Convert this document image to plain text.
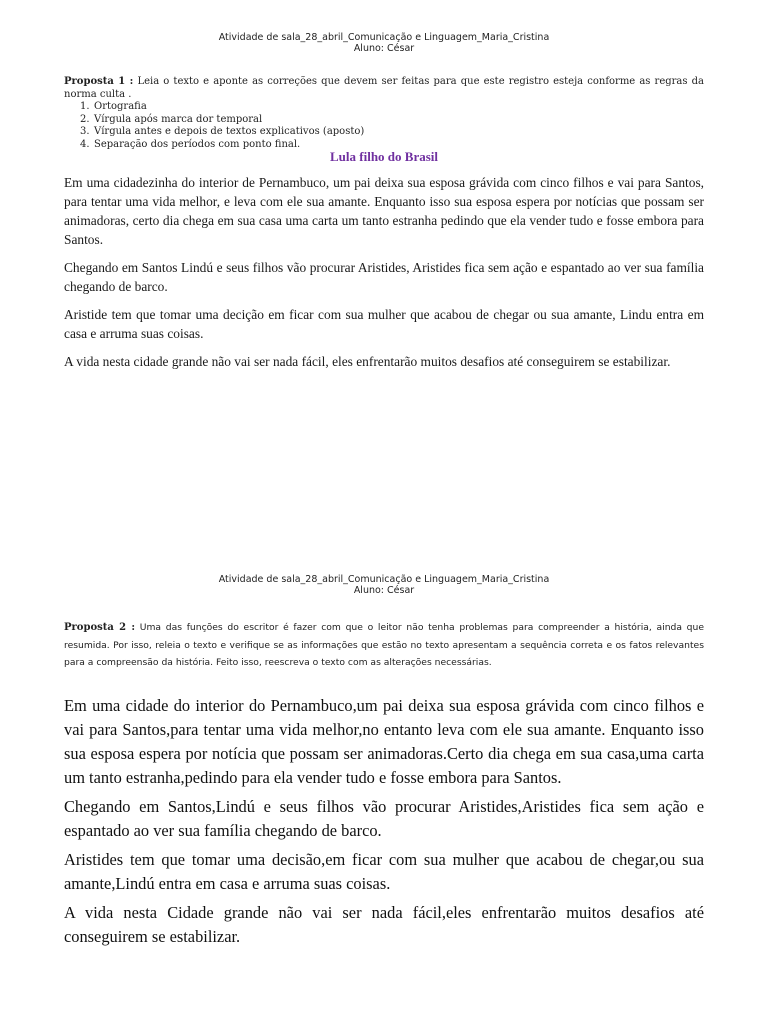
Atividade de sala_28_abril_Comunicação e Linguagem_Maria_Cristina
Aluno: César
Proposta 1 : Leia o texto e aponte as correções que devem ser feitas para que este registro esteja conforme as regras da norma culta .
1. Ortografia
2. Vírgula após marca dor temporal
3. Vírgula antes e depois de textos explicativos (aposto)
4. Separação dos períodos com ponto final.
Lula filho do Brasil

Em uma cidadezinha do interior de Pernambuco, um pai deixa sua esposa grávida com cinco filhos e vai para Santos, para tentar uma vida melhor, e leva com ele sua amante. Enquanto isso sua esposa espera por notícias que possam ser animadoras, certo dia chega em sua casa uma carta um tanto estranha pedindo que ela vender tudo e fosse embora para Santos.

Chegando em Santos Lindú e seus filhos vão procurar Aristides, Aristides fica sem ação e espantado ao ver sua família chegando de barco.

Aristide tem que tomar uma decição em ficar com sua mulher que acabou de chegar ou sua amante, Lindu entra em casa e arruma suas coisas.

A vida nesta cidade grande não vai ser nada fácil, eles enfrentarão muitos desafios até conseguirem se estabilizar.

Atividade de sala_28_abril_Comunicação e Linguagem_Maria_Cristina
Aluno: César
Proposta 2 : Uma das funções do escritor é fazer com que o leitor não tenha problemas para compreender a história, ainda que resumida. Por isso, releia o texto e verifique se as informações que estão no texto apresentam a sequência correta e os fatos relevantes para a compreensão da história. Feito isso, reescreva o texto com as alterações necessárias.

Em uma cidade do interior do Pernambuco,um pai deixa sua esposa grávida com cinco filhos e vai para Santos,para tentar uma vida melhor,no entanto leva com ele sua amante. Enquanto isso sua esposa espera por notícia que possam ser animadoras.Certo dia chega em sua casa,uma carta um tanto estranha,pedindo para ela vender tudo e fosse embora para Santos.

Chegando em Santos,Lindú e seus filhos vão procurar Aristides,Aristides fica sem ação e espantado ao ver sua família chegando de barco.

Aristides tem que tomar uma decisão,em ficar com sua mulher que acabou de chegar,ou sua amante,Lindú entra em casa e arruma suas coisas.

A vida nesta Cidade grande não vai ser nada fácil,eles enfrentarão muitos desafios até conseguirem se estabilizar.
